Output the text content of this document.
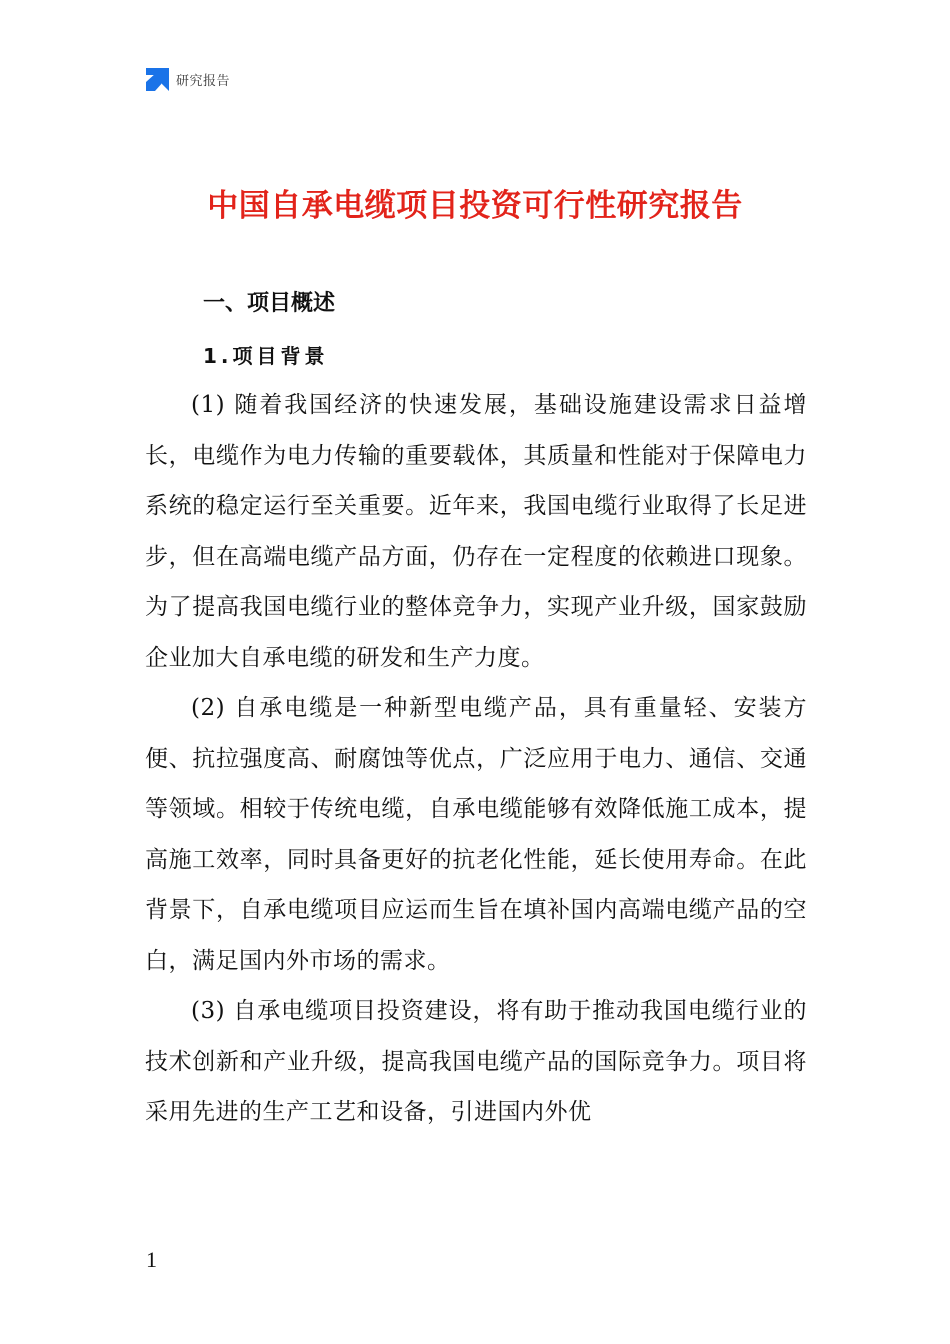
研究报告
中国自承电缆项目投资可行性研究报告
一、项目概述
1.项目背景

(1) 随着我国经济的快速发展，基础设施建设需求日益增长，电缆作为电力传输的重要载体，其质量和性能对于保障电力系统的稳定运行至关重要。近年来，我国电缆行业取得了长足进步，但在高端电缆产品方面，仍存在一定程度的依赖进口现象。为了提高我国电缆行业的整体竞争力，实现产业升级，国家鼓励企业加大自承电缆的研发和生产力度。

(2) 自承电缆是一种新型电缆产品，具有重量轻、安装方便、抗拉强度高、耐腐蚀等优点，广泛应用于电力、通信、交通等领域。相较于传统电缆，自承电缆能够有效降低施工成本，提高施工效率，同时具备更好的抗老化性能，延长使用寿命。在此背景下，自承电缆项目应运而生旨在填补国内高端电缆产品的空白，满足国内外市场的需求。

(3) 自承电缆项目投资建设，将有助于推动我国电缆行业的技术创新和产业升级，提高我国电缆产品的国际竞争力。项目将采用先进的生产工艺和设备，引进国内外优

1
